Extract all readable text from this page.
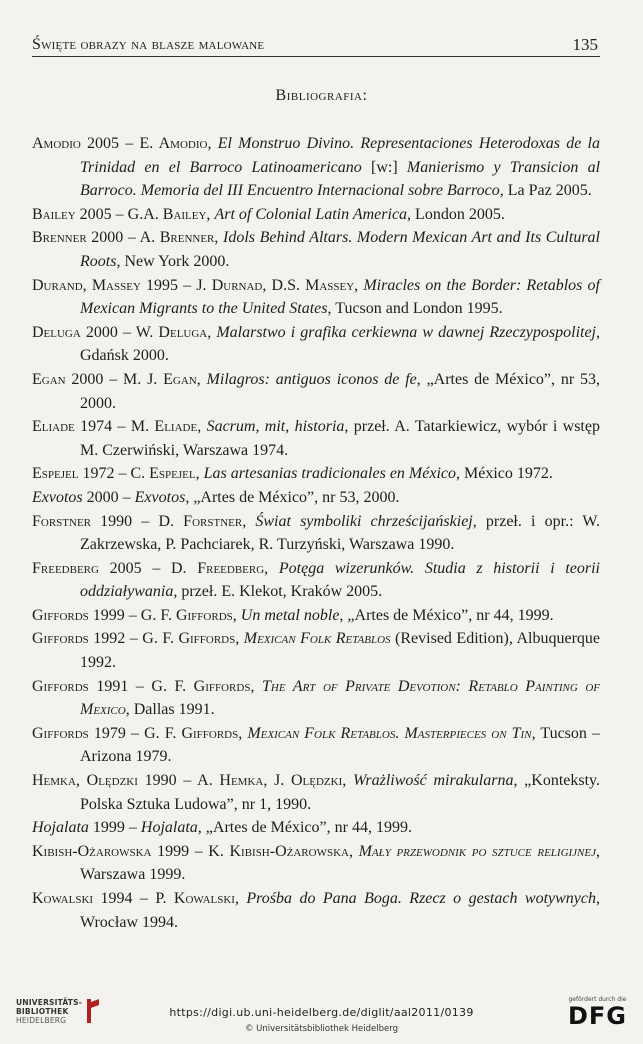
Święte obrazy na blasze malowane	135
Bibliografia:

Amodio 2005 – E. Amodio, El Monstruo Divino. Representaciones Heterodoxas de la Trinidad en el Barroco Latinoamericano [w:] Manierismo y Transicion al Barroco. Memoria del III Encuentro Internacional sobre Barroco, La Paz 2005.

Bailey 2005 – G.A. Bailey, Art of Colonial Latin America, London 2005.

Brenner 2000 – A. Brenner, Idols Behind Altars. Modern Mexican Art and Its Cultural Roots, New York 2000.

Durand, Massey 1995 – J. Durnad, D.S. Massey, Miracles on the Border: Retablos of Mexican Migrants to the United States, Tucson and London 1995.

Deluga 2000 – W. Deluga, Malarstwo i grafika cerkiewna w dawnej Rzeczypospolitej, Gdańsk 2000.

Egan 2000 – M. J. Egan, Milagros: antiguos iconos de fe, „Artes de México”, nr 53, 2000.

Eliade 1974 – M. Eliade, Sacrum, mit, historia, przeł. A. Tatarkiewicz, wybór i wstęp M. Czerwiński, Warszawa 1974.

Espejel 1972 – C. Espejel, Las artesanias tradicionales en México, México 1972.

Exvotos 2000 – Exvotos, „Artes de México”, nr 53, 2000.

Forstner 1990 – D. Forstner, Świat symboliki chrześcijańskiej, przeł. i opr.: W. Zakrzewska, P. Pachciarek, R. Turzyński, Warszawa 1990.

Freedberg 2005 – D. Freedberg, Potęga wizerunków. Studia z historii i teorii oddziaływania, przeł. E. Klekot, Kraków 2005.

Giffords 1999 – G. F. Giffords, Un metal noble, „Artes de México”, nr 44, 1999.

Giffords 1992 – G. F. Giffords, Mexican Folk Retablos (Revised Edition), Albuquerque 1992.

Giffords 1991 – G. F. Giffords, The Art of Private Devotion: Retablo Painting of Mexico, Dallas 1991.

Giffords 1979 – G. F. Giffords, Mexican Folk Retablos. Masterpieces on Tin, Tucson – Arizona 1979.

Hemka, Olędzki 1990 – A. Hemka, J. Olędzki, Wrażliwość mirakularna, „Konteksty. Polska Sztuka Ludowa”, nr 1, 1990.

Hojalata 1999 – Hojalata, „Artes de México”, nr 44, 1999.

Kibish-Ożarowska 1999 – K. Kibish-Ożarowska, Mały przewodnik po sztuce religijnej, Warszawa 1999.

Kowalski 1994 – P. Kowalski, Prośba do Pana Boga. Rzecz o gestach wotywnych, Wrocław 1994.

UNIVERSITÄTS-
BIBLIOTHEK
HEIDELBERG
https://digi.ub.uni-heidelberg.de/diglit/aal2011/0139
© Universitätsbibliothek Heidelberg
gefördert durch die
DFG
